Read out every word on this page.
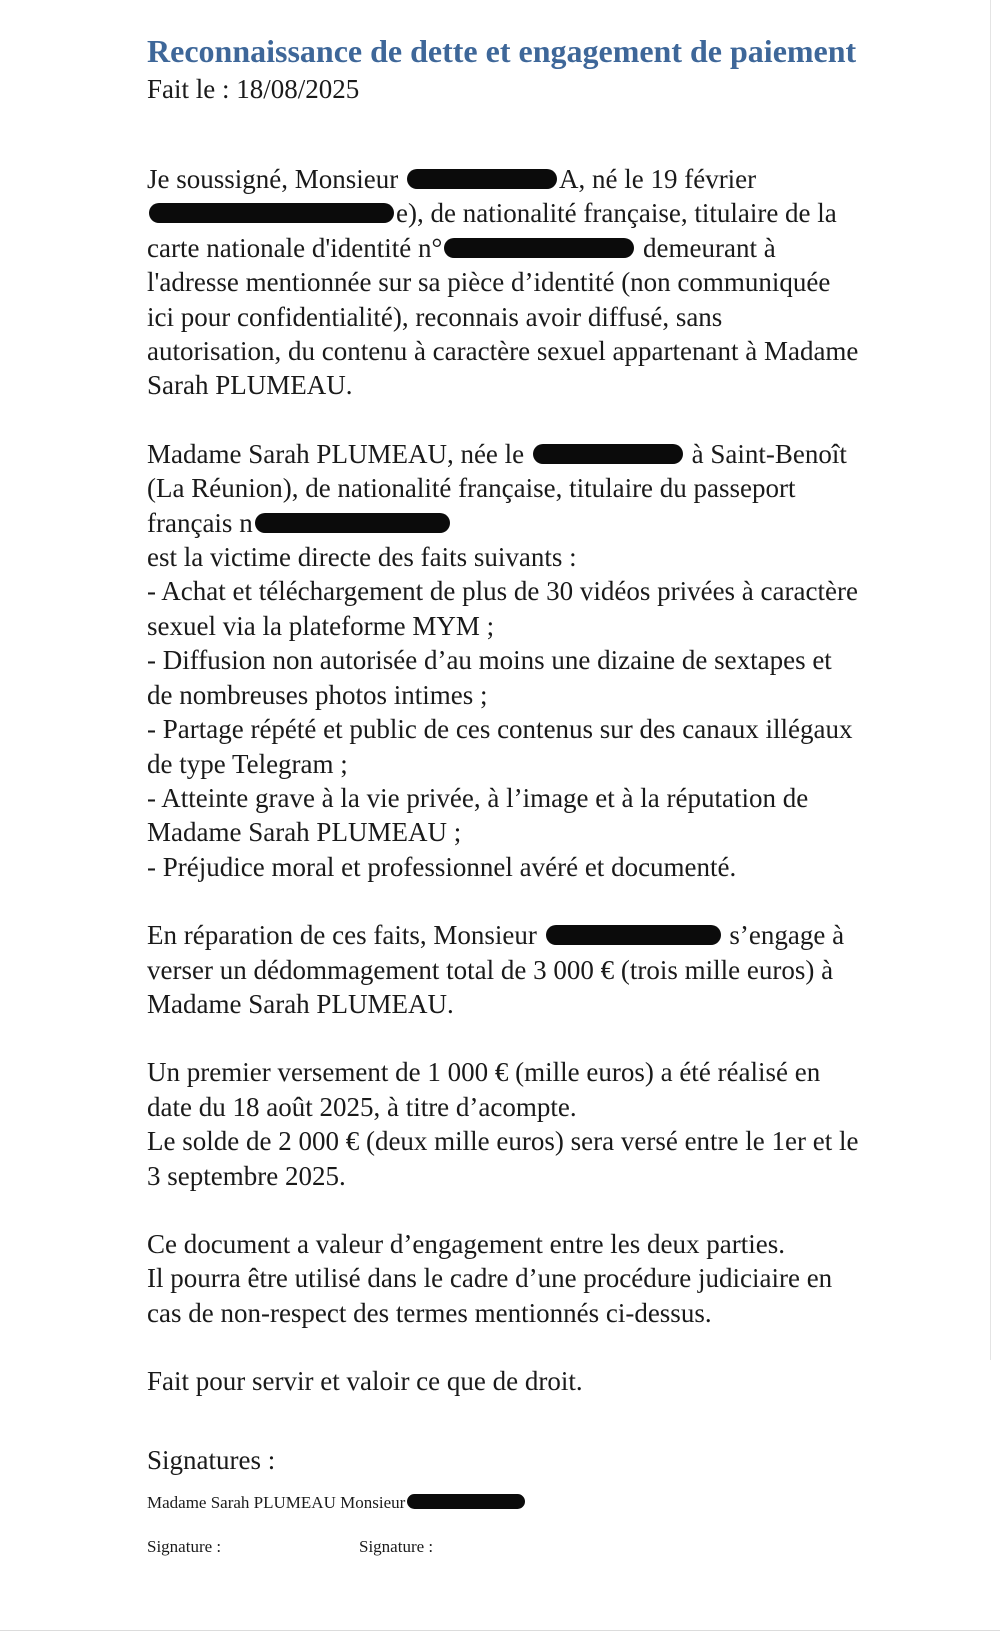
Reconnaissance de dette et engagement de paiement
Fait le : 18/08/2025

Je soussigné, Monsieur	A, né le 19 février e), de nationalité française, titulaire de la carte nationale d'identité n°	demeurant à l'adresse mentionnée sur sa pièce d’identité (non communiquée ici pour confidentialité), reconnais avoir diffusé, sans autorisation, du contenu à caractère sexuel appartenant à Madame Sarah PLUMEAU.

Madame Sarah PLUMEAU, née le	à Saint-Benoît (La Réunion), de nationalité française, titulaire du passeport français n
est la victime directe des faits suivants :
- Achat et téléchargement de plus de 30 vidéos privées à caractère sexuel via la plateforme MYM ;
- Diffusion non autorisée d’au moins une dizaine de sextapes et de nombreuses photos intimes ;
- Partage répété et public de ces contenus sur des canaux illégaux de type Telegram ;
- Atteinte grave à la vie privée, à l’image et à la réputation de Madame Sarah PLUMEAU ;
- Préjudice moral et professionnel avéré et documenté.

En réparation de ces faits, Monsieur	s’engage à verser un dédommagement total de 3 000 € (trois mille euros) à Madame Sarah PLUMEAU.

Un premier versement de 1 000 € (mille euros) a été réalisé en date du 18 août 2025, à titre d’acompte.
Le solde de 2 000 € (deux mille euros) sera versé entre le 1er et le 3 septembre 2025.

Ce document a valeur d’engagement entre les deux parties.
Il pourra être utilisé dans le cadre d’une procédure judiciaire en cas de non-respect des termes mentionnés ci-dessus.

Fait pour servir et valoir ce que de droit.

Signatures :
Madame Sarah PLUMEAU Monsieur
Signature :	Signature :
